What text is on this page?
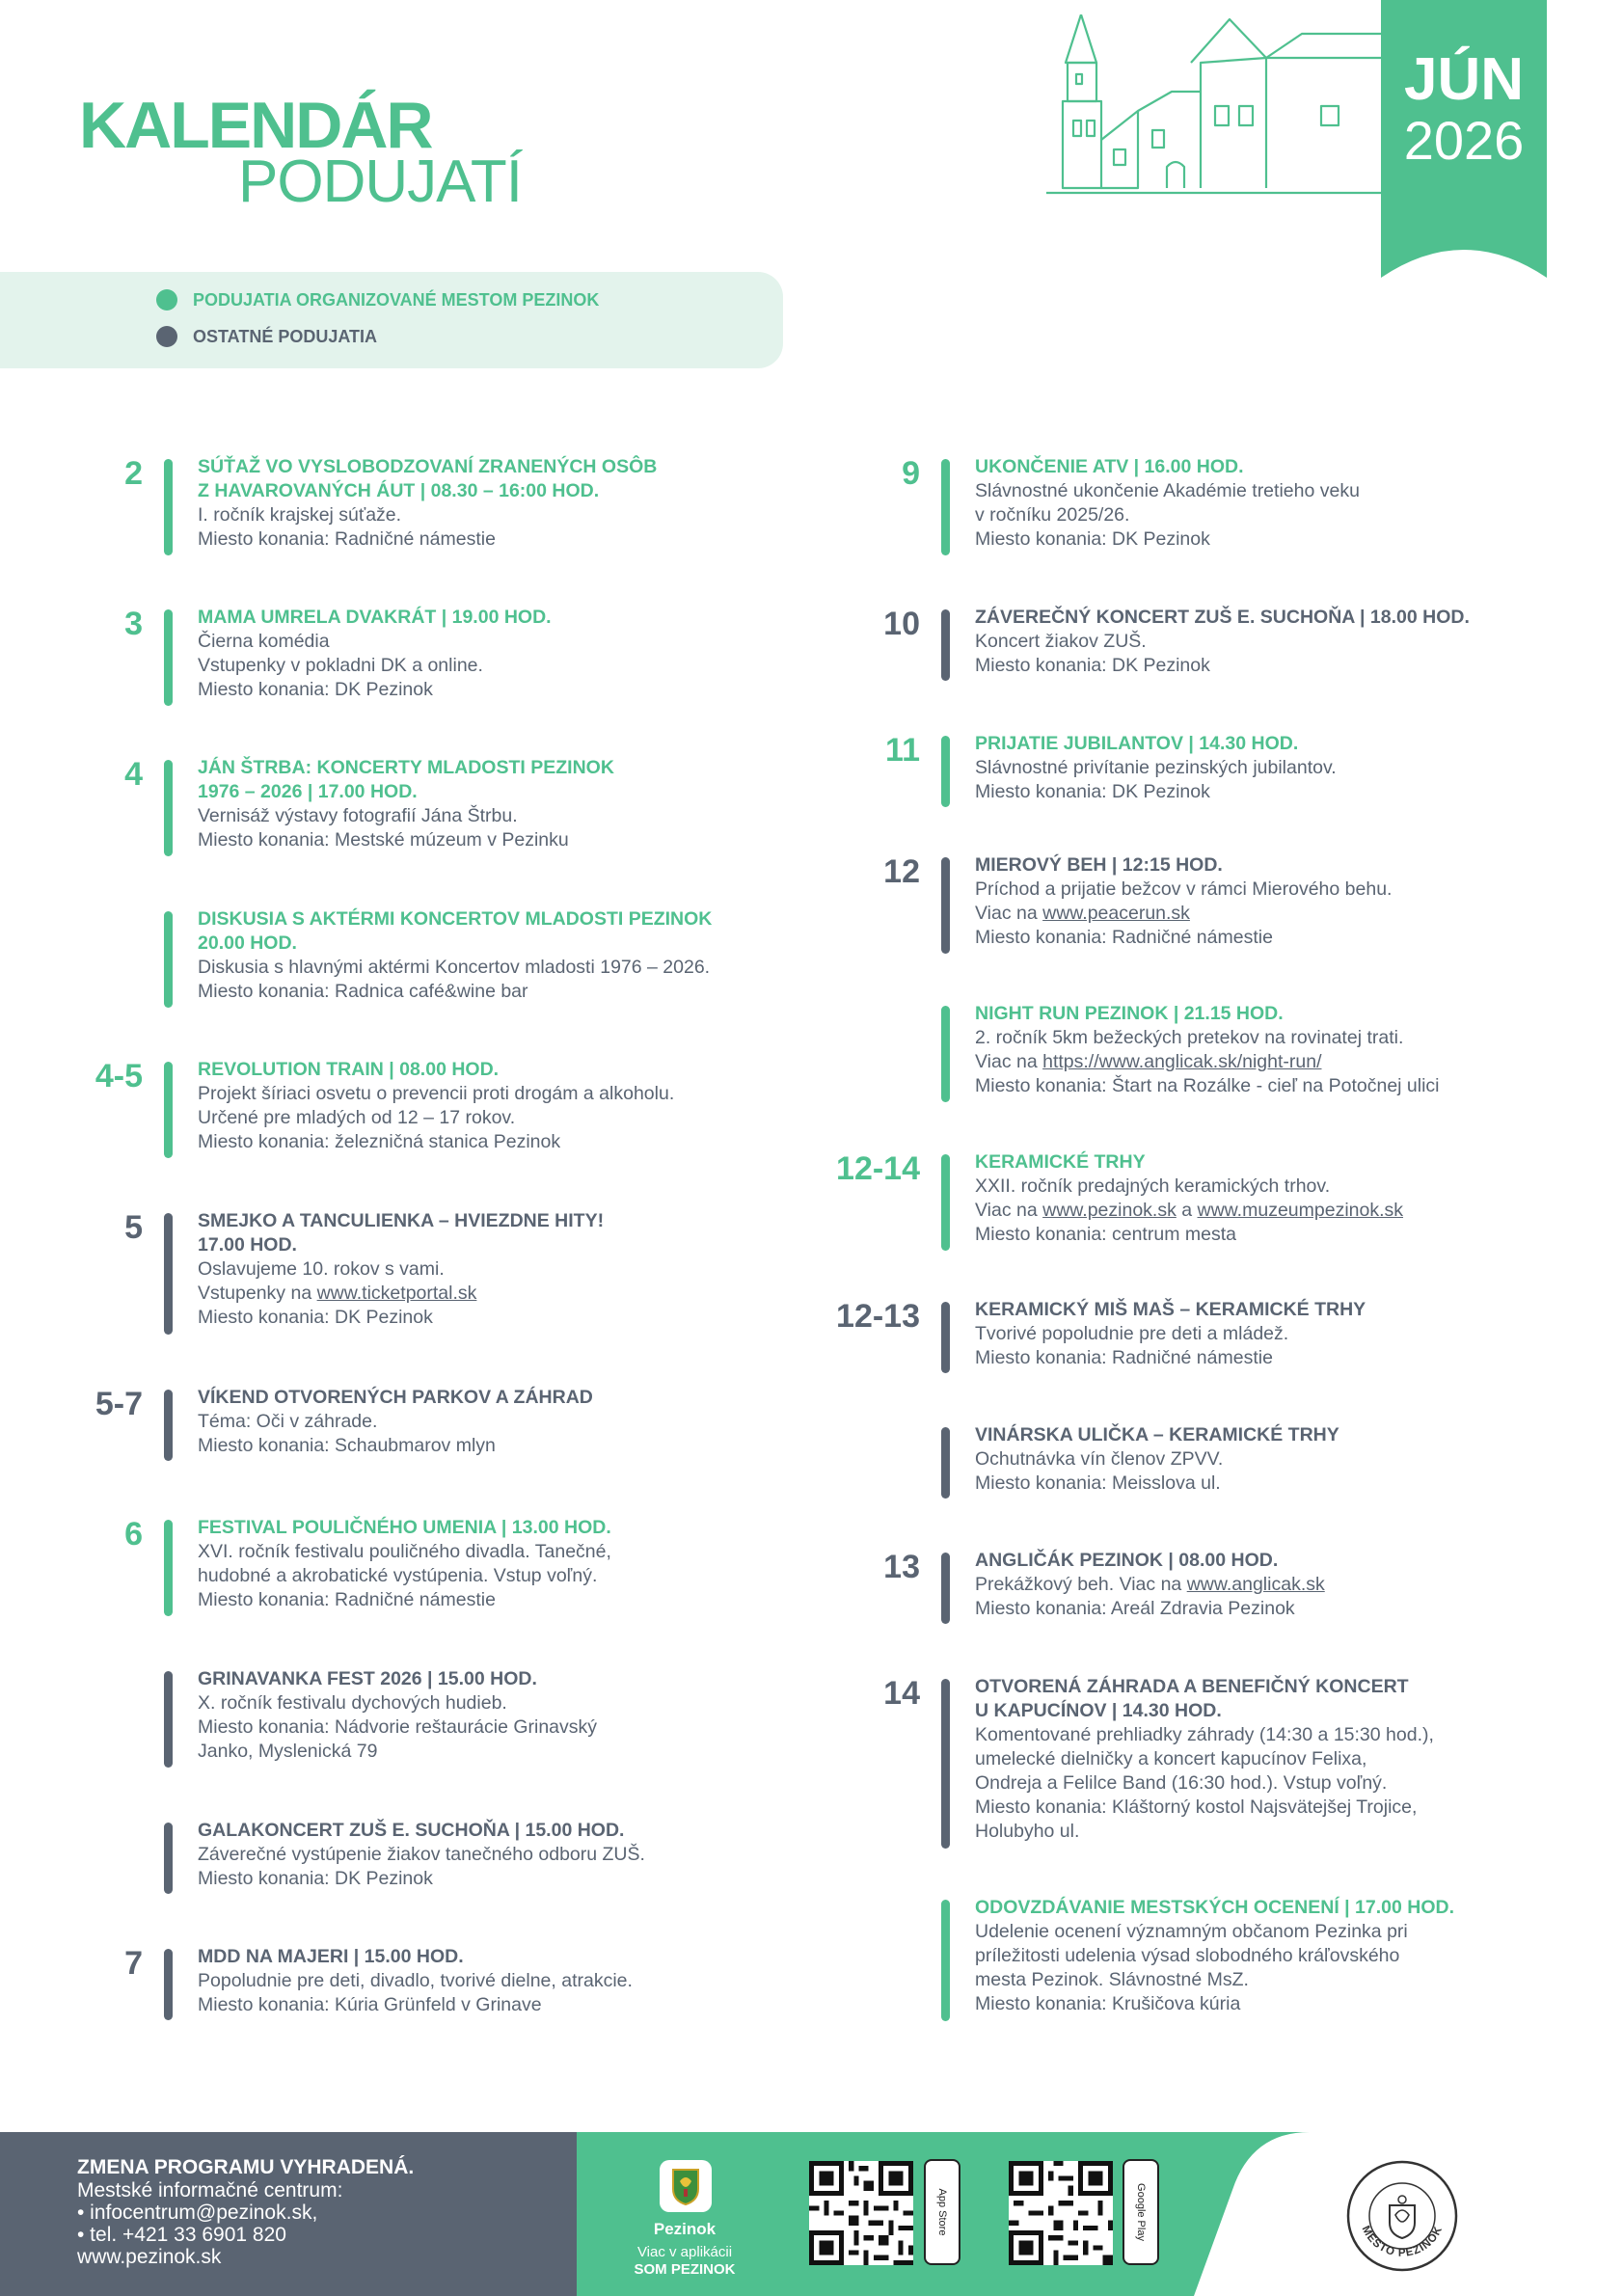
KALENDÁR
PODUJATÍ
JÚN
2026
PODUJATIA ORGANIZOVANÉ MESTOM PEZINOK
OSTATNÉ PODUJATIA
2	SÚŤAŽ VO VYSLOBODZOVANÍ ZRANENÝCH OSÔB
Z HAVAROVANÝCH ÁUT | 08.30 – 16:00 HOD.
I. ročník krajskej súťaže.
Miesto konania: Radničné námestie
3	MAMA UMRELA DVAKRÁT | 19.00 HOD.
Čierna komédia
Vstupenky v pokladni DK a online.
Miesto konania: DK Pezinok
4	JÁN ŠTRBA: KONCERTY MLADOSTI PEZINOK
1976 – 2026 | 17.00 HOD.
Vernisáž výstavy fotografií Jána Štrbu.
Miesto konania: Mestské múzeum v Pezinku
DISKUSIA S AKTÉRMI KONCERTOV MLADOSTI PEZINOK
20.00 HOD.
Diskusia s hlavnými aktérmi Koncertov mladosti 1976 – 2026.
Miesto konania: Radnica café&wine bar
4-5	REVOLUTION TRAIN | 08.00 HOD.
Projekt šíriaci osvetu o prevencii proti drogám a alkoholu.
Určené pre mladých od 12 – 17 rokov.
Miesto konania: železničná stanica Pezinok
5	SMEJKO A TANCULIENKA – HVIEZDNE HITY!
17.00 HOD.
Oslavujeme 10. rokov s vami.
Vstupenky na www.ticketportal.sk
Miesto konania: DK Pezinok
5-7	VÍKEND OTVORENÝCH PARKOV A ZÁHRAD
Téma: Oči v záhrade.
Miesto konania: Schaubmarov mlyn
6	FESTIVAL POULIČNÉHO UMENIA | 13.00 HOD.
XVI. ročník festivalu pouličného divadla. Tanečné,
hudobné a akrobatické vystúpenia. Vstup voľný.
Miesto konania: Radničné námestie
GRINAVANKA FEST 2026 | 15.00 HOD.
X. ročník festivalu dychových hudieb.
Miesto konania: Nádvorie reštaurácie Grinavský
Janko, Myslenická 79
GALAKONCERT ZUŠ E. SUCHOŇA | 15.00 HOD.
Záverečné vystúpenie žiakov tanečného odboru ZUŠ.
Miesto konania: DK Pezinok
7	MDD NA MAJERI | 15.00 HOD.
Popoludnie pre deti, divadlo, tvorivé dielne, atrakcie.
Miesto konania: Kúria Grünfeld v Grinave
9	UKONČENIE ATV | 16.00 HOD.
Slávnostné ukončenie Akadémie tretieho veku
v ročníku 2025/26.
Miesto konania: DK Pezinok
10	ZÁVEREČNÝ KONCERT ZUŠ E. SUCHOŇA | 18.00 HOD.
Koncert žiakov ZUŠ.
Miesto konania: DK Pezinok
11	PRIJATIE JUBILANTOV | 14.30 HOD.
Slávnostné privítanie pezinských jubilantov.
Miesto konania: DK Pezinok
12	MIEROVÝ BEH | 12:15 HOD.
Príchod a prijatie bežcov v rámci Mierového behu.
Viac na www.peacerun.sk
Miesto konania: Radničné námestie
NIGHT RUN PEZINOK | 21.15 HOD.
2. ročník 5km bežeckých pretekov na rovinatej trati.
Viac na https://www.anglicak.sk/night-run/
Miesto konania: Štart na Rozálke - cieľ na Potočnej ulici
12-14	KERAMICKÉ TRHY
XXII. ročník predajných keramických trhov.
Viac na www.pezinok.sk a www.muzeumpezinok.sk
Miesto konania: centrum mesta
12-13	KERAMICKÝ MIŠ MAŠ – KERAMICKÉ TRHY
Tvorivé popoludnie pre deti a mládež.
Miesto konania: Radničné námestie
VINÁRSKA ULIČKA – KERAMICKÉ TRHY
Ochutnávka vín členov ZPVV.
Miesto konania: Meisslova ul.
13	ANGLIČÁK PEZINOK | 08.00 HOD.
Prekážkový beh. Viac na www.anglicak.sk
Miesto konania: Areál Zdravia Pezinok
14	OTVORENÁ ZÁHRADA A BENEFIČNÝ KONCERT
U KAPUCÍNOV | 14.30 HOD.
Komentované prehliadky záhrady (14:30 a 15:30 hod.),
umelecké dielničky a koncert kapucínov Felixa,
Ondreja a Felilce Band (16:30 hod.). Vstup voľný.
Miesto konania: Kláštorný kostol Najsvätejšej Trojice,
Holubyho ul.
ODOVZDÁVANIE MESTSKÝCH OCENENÍ | 17.00 HOD.
Udelenie ocenení významným občanom Pezinka pri
príležitosti udelenia výsad slobodného kráľovského
mesta Pezinok. Slávnostné MsZ.
Miesto konania: Krušičova kúria
ZMENA PROGRAMU VYHRADENÁ.
Mestské informačné centrum:
• infocentrum@pezinok.sk,
• tel. +421 33 6901 820
www.pezinok.sk
Pezinok
Viac v aplikácii
SOM PEZINOK
App Store	Google Play	MESTO PEZINOK
